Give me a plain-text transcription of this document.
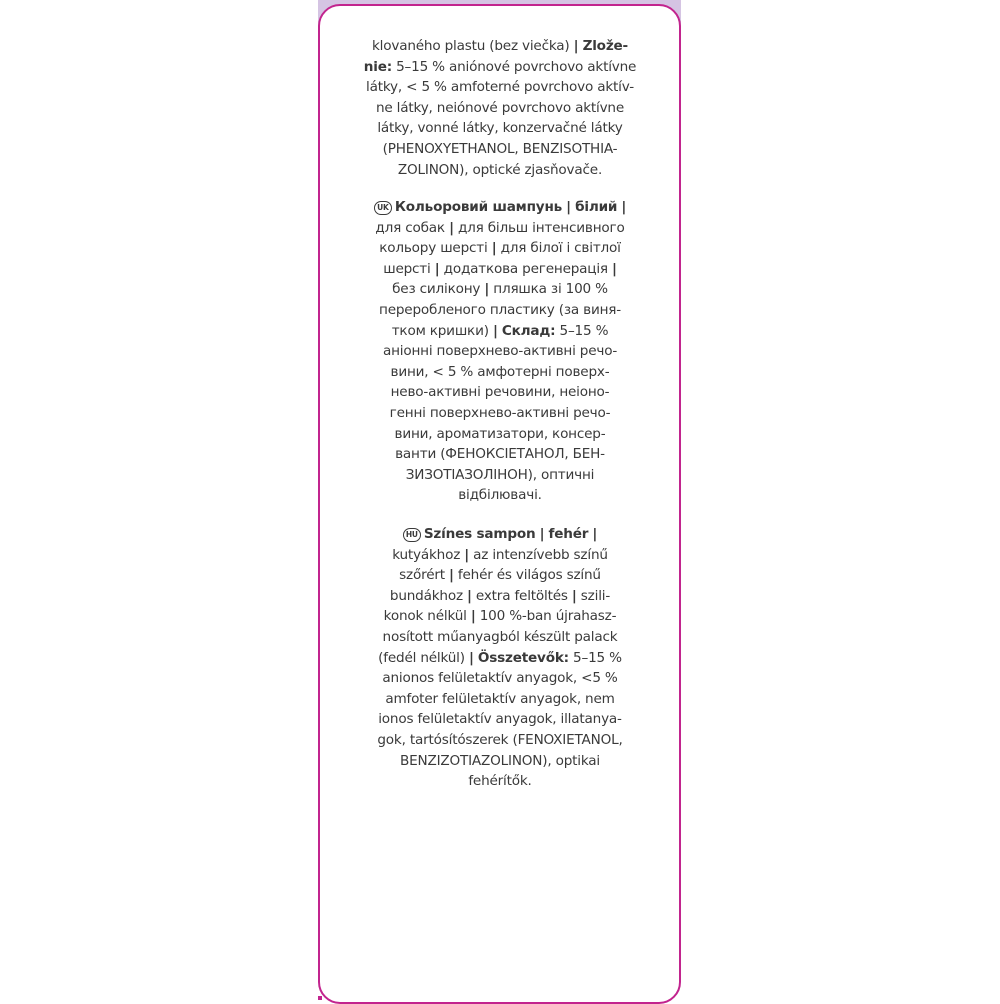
klovaného plastu (bez viečka) | Zlože-
nie: 5–15 % aniónové povrchovo aktívne
látky, < 5 % amfoterné povrchovo aktív-
ne látky, neiónové povrchovo aktívne
látky, vonné látky, konzervačné látky
(PHENOXYETHANOL, BENZISOTHIA-
ZOLINON), optické zjasňovače.
UK Кольоровий шампунь | білий |
для собак | для більш інтенсивного
кольору шерсті | для білої і світлої
шерсті | додаткова регенерація |
без силікону | пляшка зі 100 %
переробленого пластику (за виня-
тком кришки) | Склад: 5–15 %
аніонні поверхнево-активні речо-
вини, < 5 % амфотерні поверх-
нево-активні речовини, неіоно-
генні поверхнево-активні речо-
вини, ароматизатори, консер-
ванти (ФЕНОКСІЕТАНОЛ, БЕН-
ЗИЗОТІАЗОЛІНОН), оптичні
відбілювачі.
HU Színes sampon | fehér |
kutyákhoz | az intenzívebb színű
szőrért | fehér és világos színű
bundákhoz | extra feltöltés | szili-
konok nélkül | 100 %-ban újrahasz-
nosított műanyagból készült palack
(fedél nélkül) | Összetevők: 5–15 %
anionos felületaktív anyagok, <5 %
amfoter felületaktív anyagok, nem
ionos felületaktív anyagok, illatanya-
gok, tartósítószerek (FENOXIETANOL,
BENZIZOTIAZOLINON), optikai
fehérítők.
